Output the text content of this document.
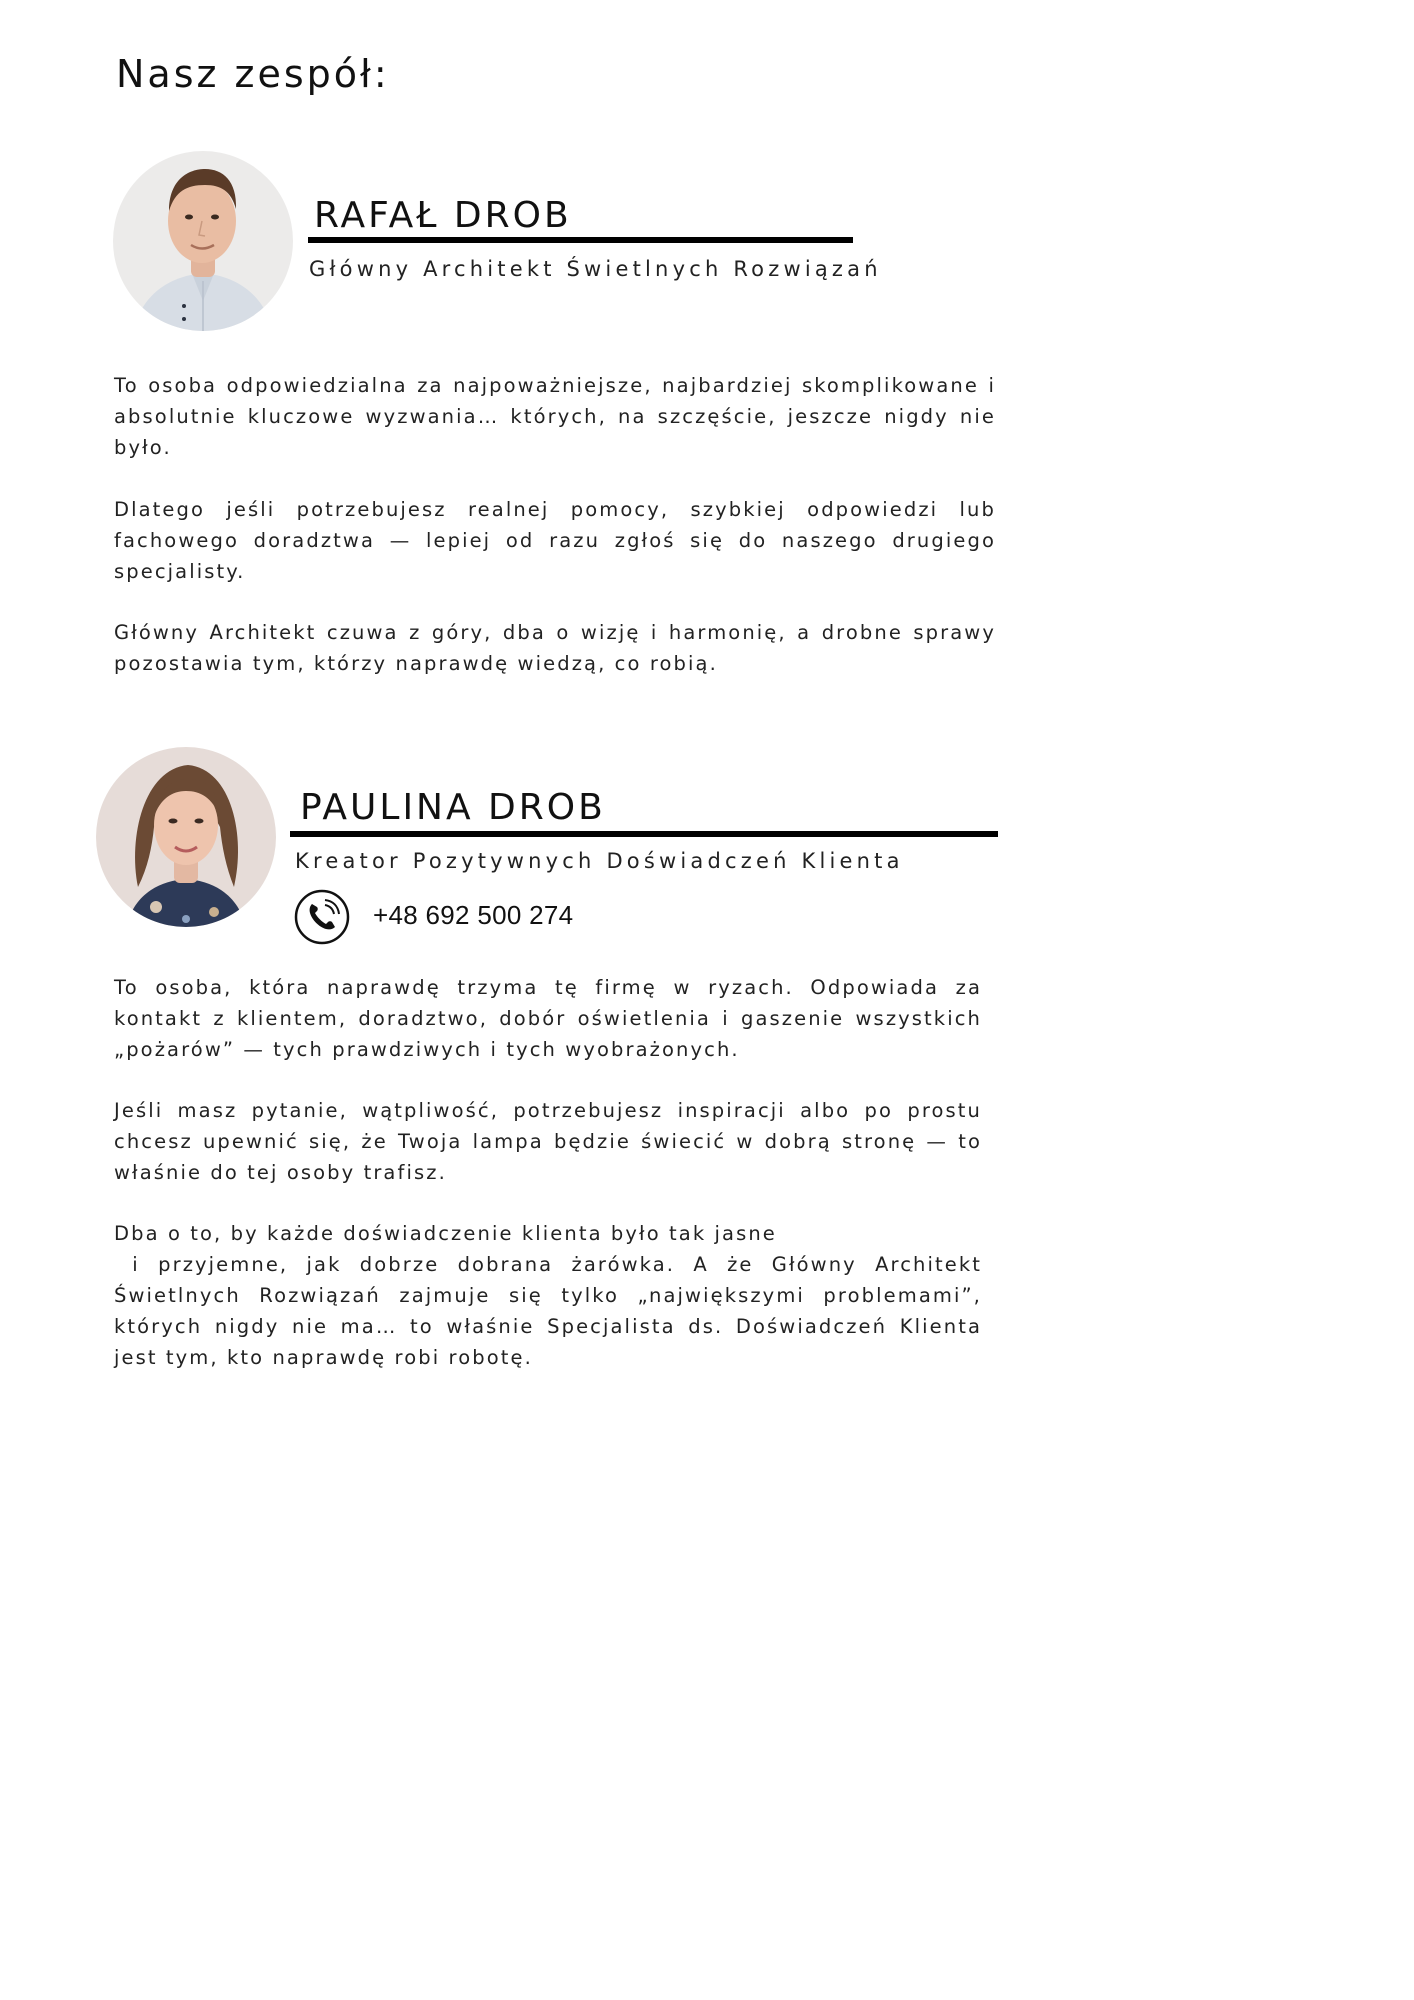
Nasz zespół:
RAFAŁ DROB
Główny Architekt Świetlnych Rozwiązań

To osoba odpowiedzialna za najpoważniejsze, najbardziej skomplikowane i absolutnie kluczowe wyzwania… których, na szczęście, jeszcze nigdy nie było.

Dlatego jeśli potrzebujesz realnej pomocy, szybkiej odpowiedzi lub fachowego doradztwa — lepiej od razu zgłoś się do naszego drugiego specjalisty.

Główny Architekt czuwa z góry, dba o wizję i harmonię, a drobne sprawy pozostawia tym, którzy naprawdę wiedzą, co robią.

PAULINA DROB
Kreator Pozytywnych Doświadczeń Klienta
+48 692 500 274

To osoba, która naprawdę trzyma tę firmę w ryzach. Odpowiada za kontakt z klientem, doradztwo, dobór oświetlenia i gaszenie wszystkich „pożarów” — tych prawdziwych i tych wyobrażonych.

Jeśli masz pytanie, wątpliwość, potrzebujesz inspiracji albo po prostu chcesz upewnić się, że Twoja lampa będzie świecić w dobrą stronę — to właśnie do tej osoby trafisz.

Dba o to, by każde doświadczenie klienta było tak jasne

i przyjemne, jak dobrze dobrana żarówka. A że Główny Architekt Świetlnych Rozwiązań zajmuje się tylko „największymi problemami”, których nigdy nie ma… to właśnie Specjalista ds. Doświadczeń Klienta jest tym, kto naprawdę robi robotę.
